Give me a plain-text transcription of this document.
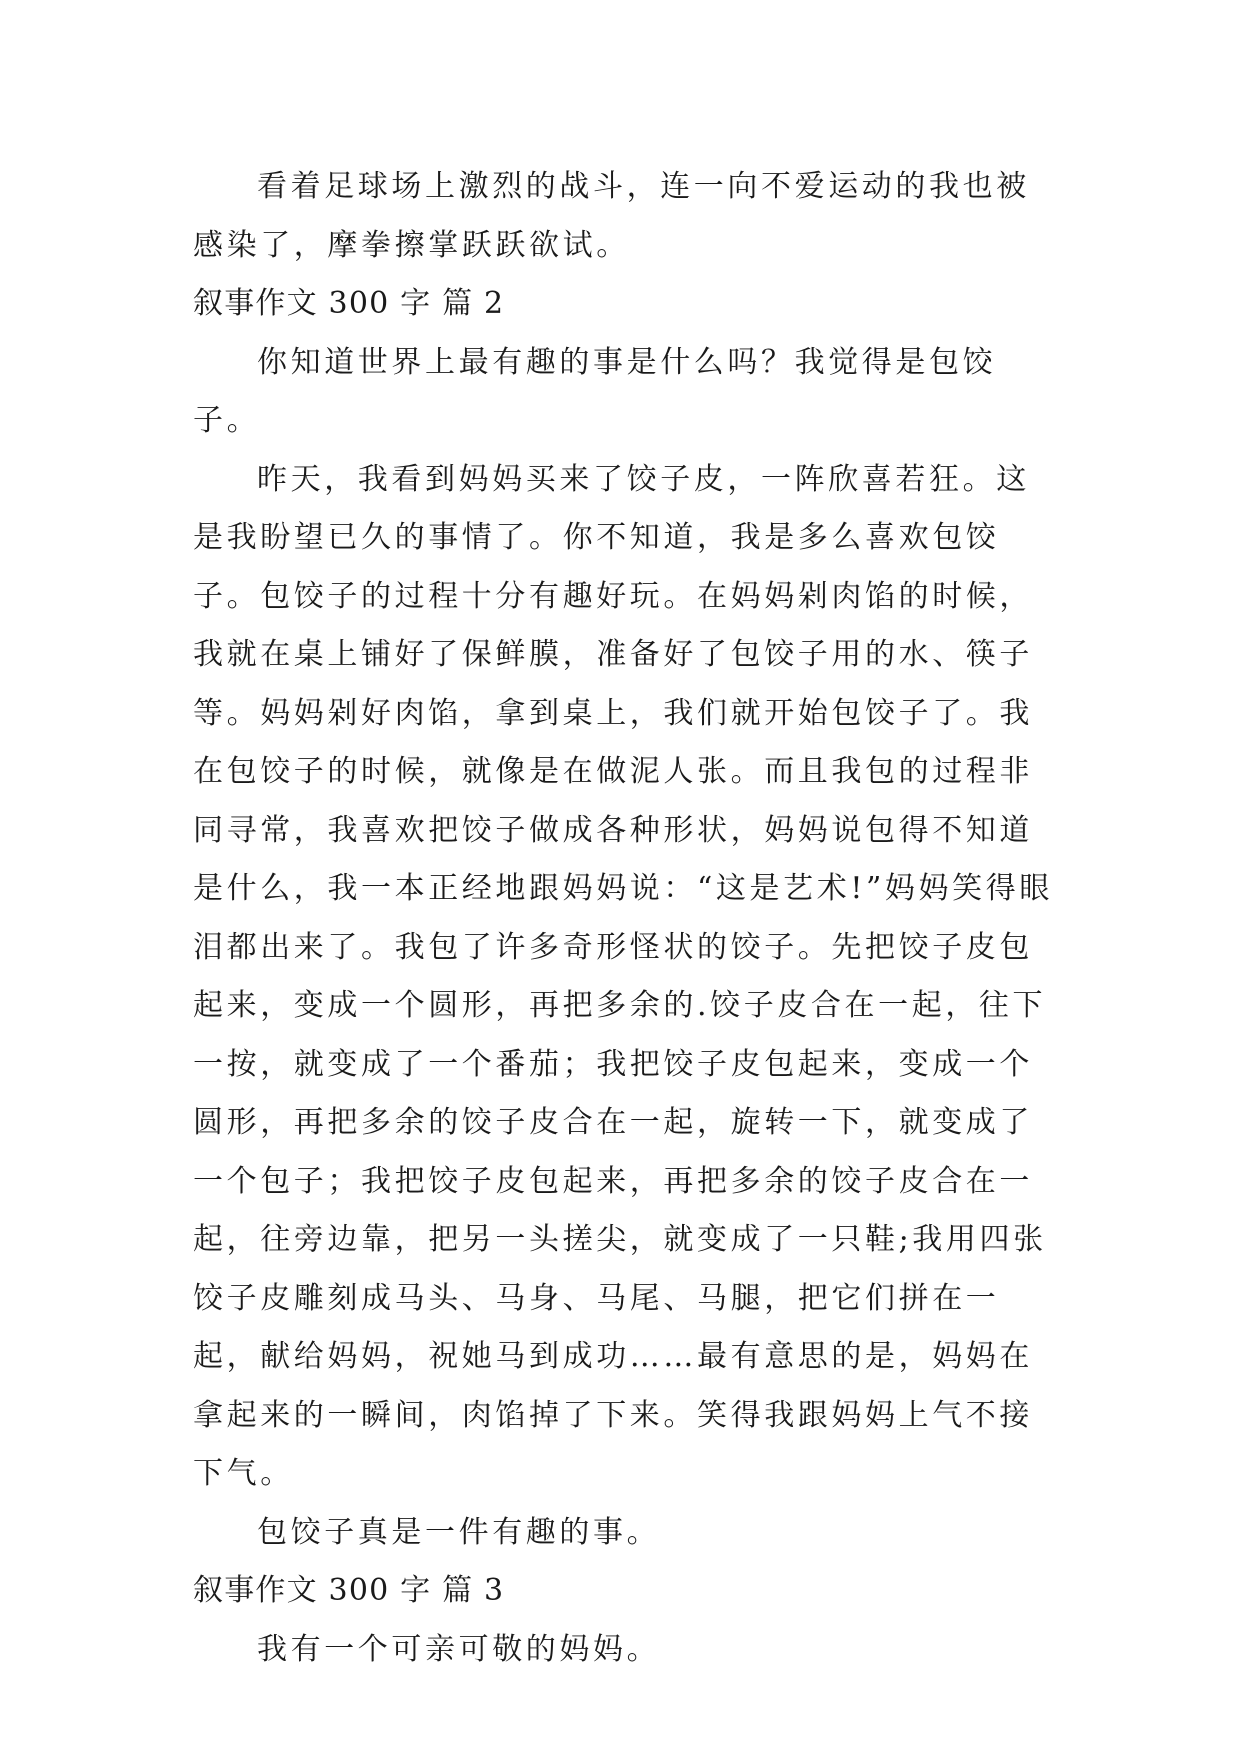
看着足球场上激烈的战斗，连一向不爱运动的我也被感染了，摩拳擦掌跃跃欲试。

叙事作文 300 字 篇 2

你知道世界上最有趣的事是什么吗？我觉得是包饺子。

昨天，我看到妈妈买来了饺子皮，一阵欣喜若狂。这是我盼望已久的事情了。你不知道，我是多么喜欢包饺子。包饺子的过程十分有趣好玩。在妈妈剁肉馅的时候，我就在桌上铺好了保鲜膜，准备好了包饺子用的水、筷子等。妈妈剁好肉馅，拿到桌上，我们就开始包饺子了。我在包饺子的时候，就像是在做泥人张。而且我包的过程非同寻常，我喜欢把饺子做成各种形状，妈妈说包得不知道是什么，我一本正经地跟妈妈说：“这是艺术!”妈妈笑得眼泪都出来了。我包了许多奇形怪状的饺子。先把饺子皮包起来，变成一个圆形，再把多余的.饺子皮合在一起，往下一按，就变成了一个番茄；我把饺子皮包起来，变成一个圆形，再把多余的饺子皮合在一起，旋转一下，就变成了一个包子；我把饺子皮包起来，再把多余的饺子皮合在一起，往旁边靠，把另一头搓尖，就变成了一只鞋;我用四张饺子皮雕刻成马头、马身、马尾、马腿，把它们拼在一起，献给妈妈，祝她马到成功……最有意思的是，妈妈在拿起来的一瞬间，肉馅掉了下来。笑得我跟妈妈上气不接下气。

包饺子真是一件有趣的事。

叙事作文 300 字 篇 3

我有一个可亲可敬的妈妈。
